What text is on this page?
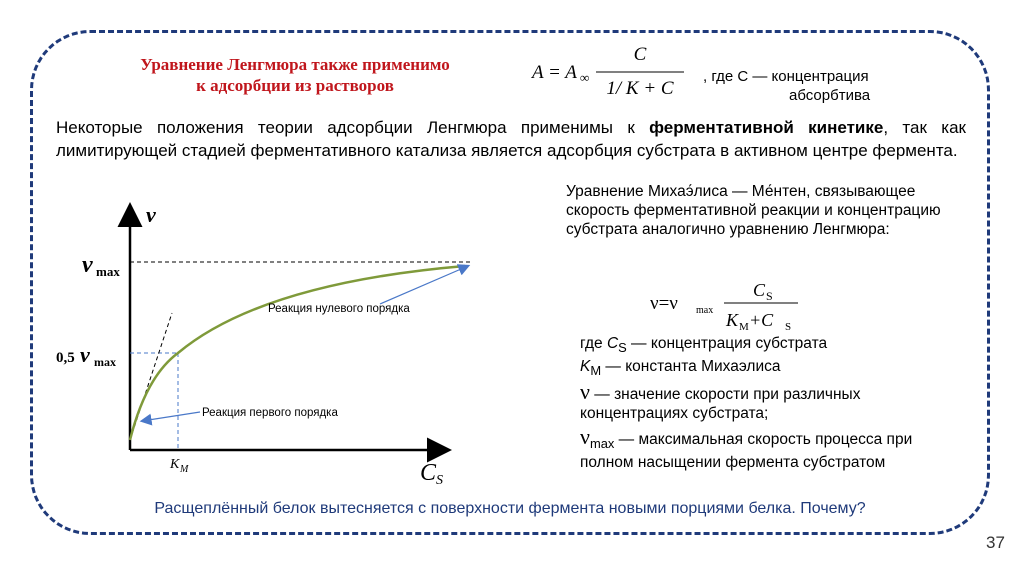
Уравнение Ленгмюра также применимо
к адсорбции из растворов
A = A ∞
C
1/ K + C
, где C — концентрация
абсорбтива
Некоторые положения теории адсорбции Ленгмюра применимы к ферментативной кинетике, так как лимитирующей стадией ферментативного катализа является адсорбция субстрата в активном центре фермента.
Уравнение Михаэ́лиса — Ме́нтен, связывающее скорость ферментативной реакции и концентрацию субстрата аналогично уравнению Ленгмюра:
ν=ν max
C S
K M +C S
где $C_S$ — концентрация субстрата
$K_M$ — константа Михаэлиса
ν — значение скорости при различных
концентрациях субстрата;
$\nu_{max}$ — максимальная скорость процесса при
полном насыщении фермента субстратом
ν
C S
ν max
0,5 ν max
K M
Реакция нулевого порядка
Реакция первого порядка
Расщеплённый белок вытесняется с поверхности фермента новыми порциями белка. Почему?
37
